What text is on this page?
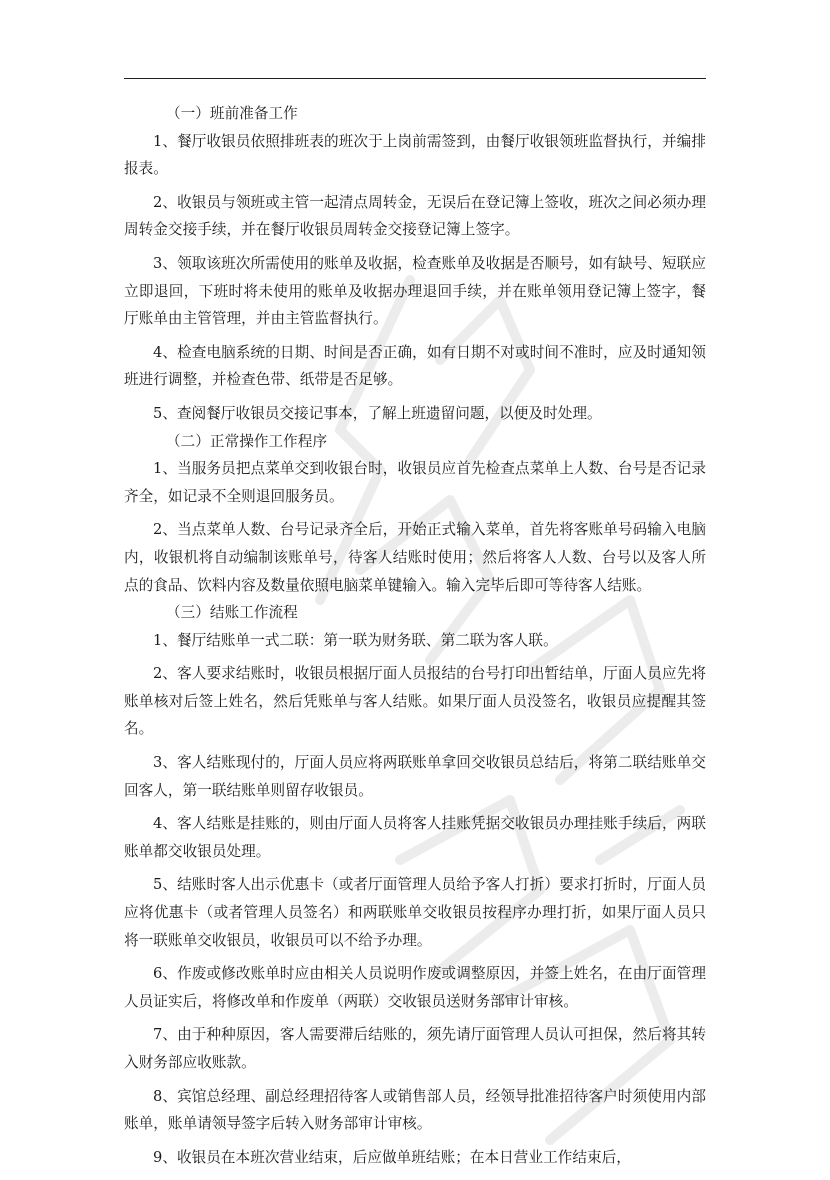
（一）班前准备工作

1、餐厅收银员依照排班表的班次于上岗前需签到，由餐厅收银领班监督执行，并编排报表。

2、收银员与领班或主管一起清点周转金，无误后在登记簿上签收，班次之间必须办理周转金交接手续，并在餐厅收银员周转金交接登记簿上签字。

3、领取该班次所需使用的账单及收据，检查账单及收据是否顺号，如有缺号、短联应立即退回，下班时将未使用的账单及收据办理退回手续，并在账单领用登记簿上签字，餐厅账单由主管管理，并由主管监督执行。

4、检查电脑系统的日期、时间是否正确，如有日期不对或时间不准时，应及时通知领班进行调整，并检查色带、纸带是否足够。

5、查阅餐厅收银员交接记事本，了解上班遗留问题，以便及时处理。

（二）正常操作工作程序

1、当服务员把点菜单交到收银台时，收银员应首先检查点菜单上人数、台号是否记录齐全，如记录不全则退回服务员。

2、当点菜单人数、台号记录齐全后，开始正式输入菜单，首先将客账单号码输入电脑内，收银机将自动编制该账单号，待客人结账时使用；然后将客人人数、台号以及客人所点的食品、饮料内容及数量依照电脑菜单键输入。输入完毕后即可等待客人结账。

（三）结账工作流程

1、餐厅结账单一式二联：第一联为财务联、第二联为客人联。

2、客人要求结账时，收银员根据厅面人员报结的台号打印出暂结单，厅面人员应先将账单核对后签上姓名，然后凭账单与客人结账。如果厅面人员没签名，收银员应提醒其签名。

3、客人结账现付的，厅面人员应将两联账单拿回交收银员总结后，将第二联结账单交回客人，第一联结账单则留存收银员。

4、客人结账是挂账的，则由厅面人员将客人挂账凭据交收银员办理挂账手续后，两联账单都交收银员处理。

5、结账时客人出示优惠卡（或者厅面管理人员给予客人打折）要求打折时，厅面人员应将优惠卡（或者管理人员签名）和两联账单交收银员按程序办理打折，如果厅面人员只将一联账单交收银员，收银员可以不给予办理。

6、作废或修改账单时应由相关人员说明作废或调整原因，并签上姓名，在由厅面管理人员证实后，将修改单和作废单（两联）交收银员送财务部审计审核。

7、由于种种原因，客人需要滞后结账的，须先请厅面管理人员认可担保，然后将其转入财务部应收账款。

8、宾馆总经理、副总经理招待客人或销售部人员，经领导批准招待客户时须使用内部账单，账单请领导签字后转入财务部审计审核。

9、收银员在本班次营业结束，后应做单班结账；在本日营业工作结束后，
